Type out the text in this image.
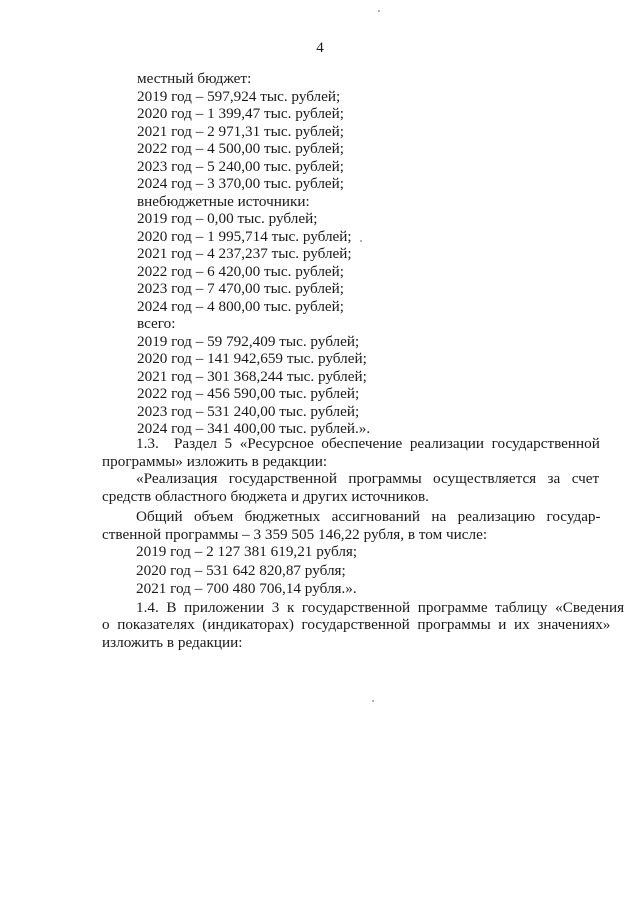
4
местный бюджет:
2019 год – 597,924 тыс. рублей;
2020 год – 1 399,47 тыс. рублей;
2021 год – 2 971,31 тыс. рублей;
2022 год – 4 500,00 тыс. рублей;
2023 год – 5 240,00 тыс. рублей;
2024 год – 3 370,00 тыс. рублей;
внебюджетные источники:
2019 год – 0,00 тыс. рублей;
2020 год – 1 995,714 тыс. рублей;
2021 год – 4 237,237 тыс. рублей;
2022 год – 6 420,00 тыс. рублей;
2023 год – 7 470,00 тыс. рублей;
2024 год – 4 800,00 тыс. рублей;
всего:
2019 год – 59 792,409 тыс. рублей;
2020 год – 141 942,659 тыс. рублей;
2021 год – 301 368,244 тыс. рублей;
2022 год – 456 590,00 тыс. рублей;
2023 год – 531 240,00 тыс. рублей;
2024 год – 341 400,00 тыс. рублей.».
1.3.    Раздел  5  «Ресурсное  обеспечение  реализации  государственной
программы» изложить в редакции:
«Реализация   государственной   программы   осуществляется   за   счет
средств областного бюджета и других источников.
Общий   объем   бюджетных   ассигнований   на   реализацию   государ-
ственной программы – 3 359 505 146,22 рубля, в том числе:
2019 год – 2 127 381 619,21 рубля;
2020 год – 531 642 820,87 рубля;
2021 год – 700 480 706,14 рубля.».
1.4.  В  приложении  3  к  государственной  программе  таблицу  «Сведения
о  показателях  (индикаторах)  государственной  программы  и  их  значениях»
изложить в редакции:
